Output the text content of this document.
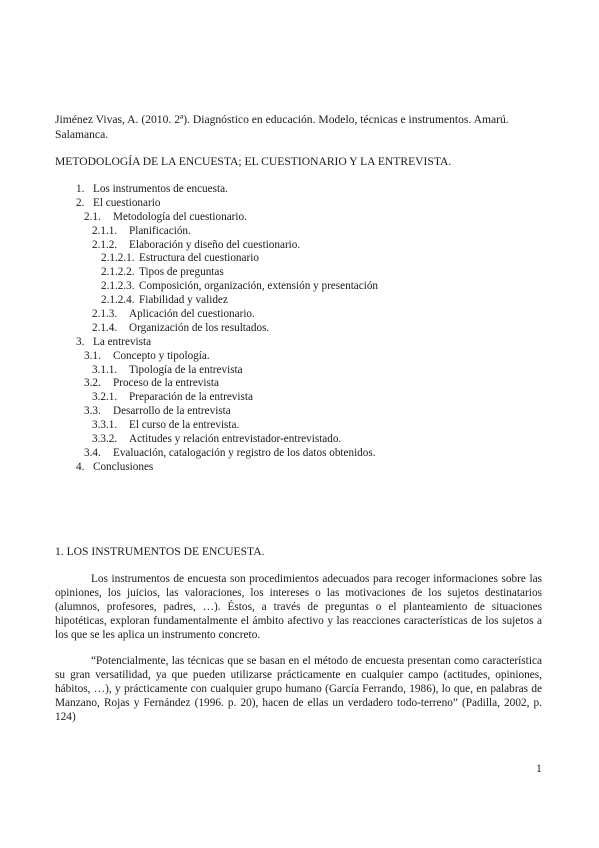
Jiménez Vivas, A. (2010. 2ª). Diagnóstico en educación. Modelo, técnicas e instrumentos. Amarú. Salamanca.
METODOLOGÍA DE LA ENCUESTA; EL CUESTIONARIO Y LA ENTREVISTA.
1. Los instrumentos de encuesta.
2. El cuestionario
2.1. Metodología del cuestionario.
2.1.1. Planificación.
2.1.2. Elaboración y diseño del cuestionario.
2.1.2.1. Estructura del cuestionario
2.1.2.2. Tipos de preguntas
2.1.2.3. Composición, organización, extensión y presentación
2.1.2.4. Fiabilidad y validez
2.1.3. Aplicación del cuestionario.
2.1.4. Organización de los resultados.
3. La entrevista
3.1. Concepto y tipología.
3.1.1. Tipología de la entrevista
3.2. Proceso de la entrevista
3.2.1. Preparación de la entrevista
3.3. Desarrollo de la entrevista
3.3.1. El curso de la entrevista.
3.3.2. Actitudes y relación entrevistador-entrevistado.
3.4. Evaluación, catalogación y registro de los datos obtenidos.
4. Conclusiones
1. LOS INSTRUMENTOS DE ENCUESTA.

Los instrumentos de encuesta son procedimientos adecuados para recoger informaciones sobre las opiniones, los juicios, las valoraciones, los intereses o las motivaciones de los sujetos destinatarios (alumnos, profesores, padres, …). Éstos, a través de preguntas o el planteamiento de situaciones hipotéticas, exploran fundamentalmente el ámbito afectivo y las reacciones características de los sujetos a los que se les aplica un instrumento concreto.

“Potencialmente, las técnicas que se basan en el método de encuesta presentan como característica su gran versatilidad, ya que pueden utilizarse prácticamente en cualquier campo (actitudes, opiniones, hábitos, …), y prácticamente con cualquier grupo humano (García Ferrando, 1986), lo que, en palabras de Manzano, Rojas y Fernández (1996. p. 20), hacen de ellas un verdadero todo-terreno” (Padilla, 2002, p. 124)

1
